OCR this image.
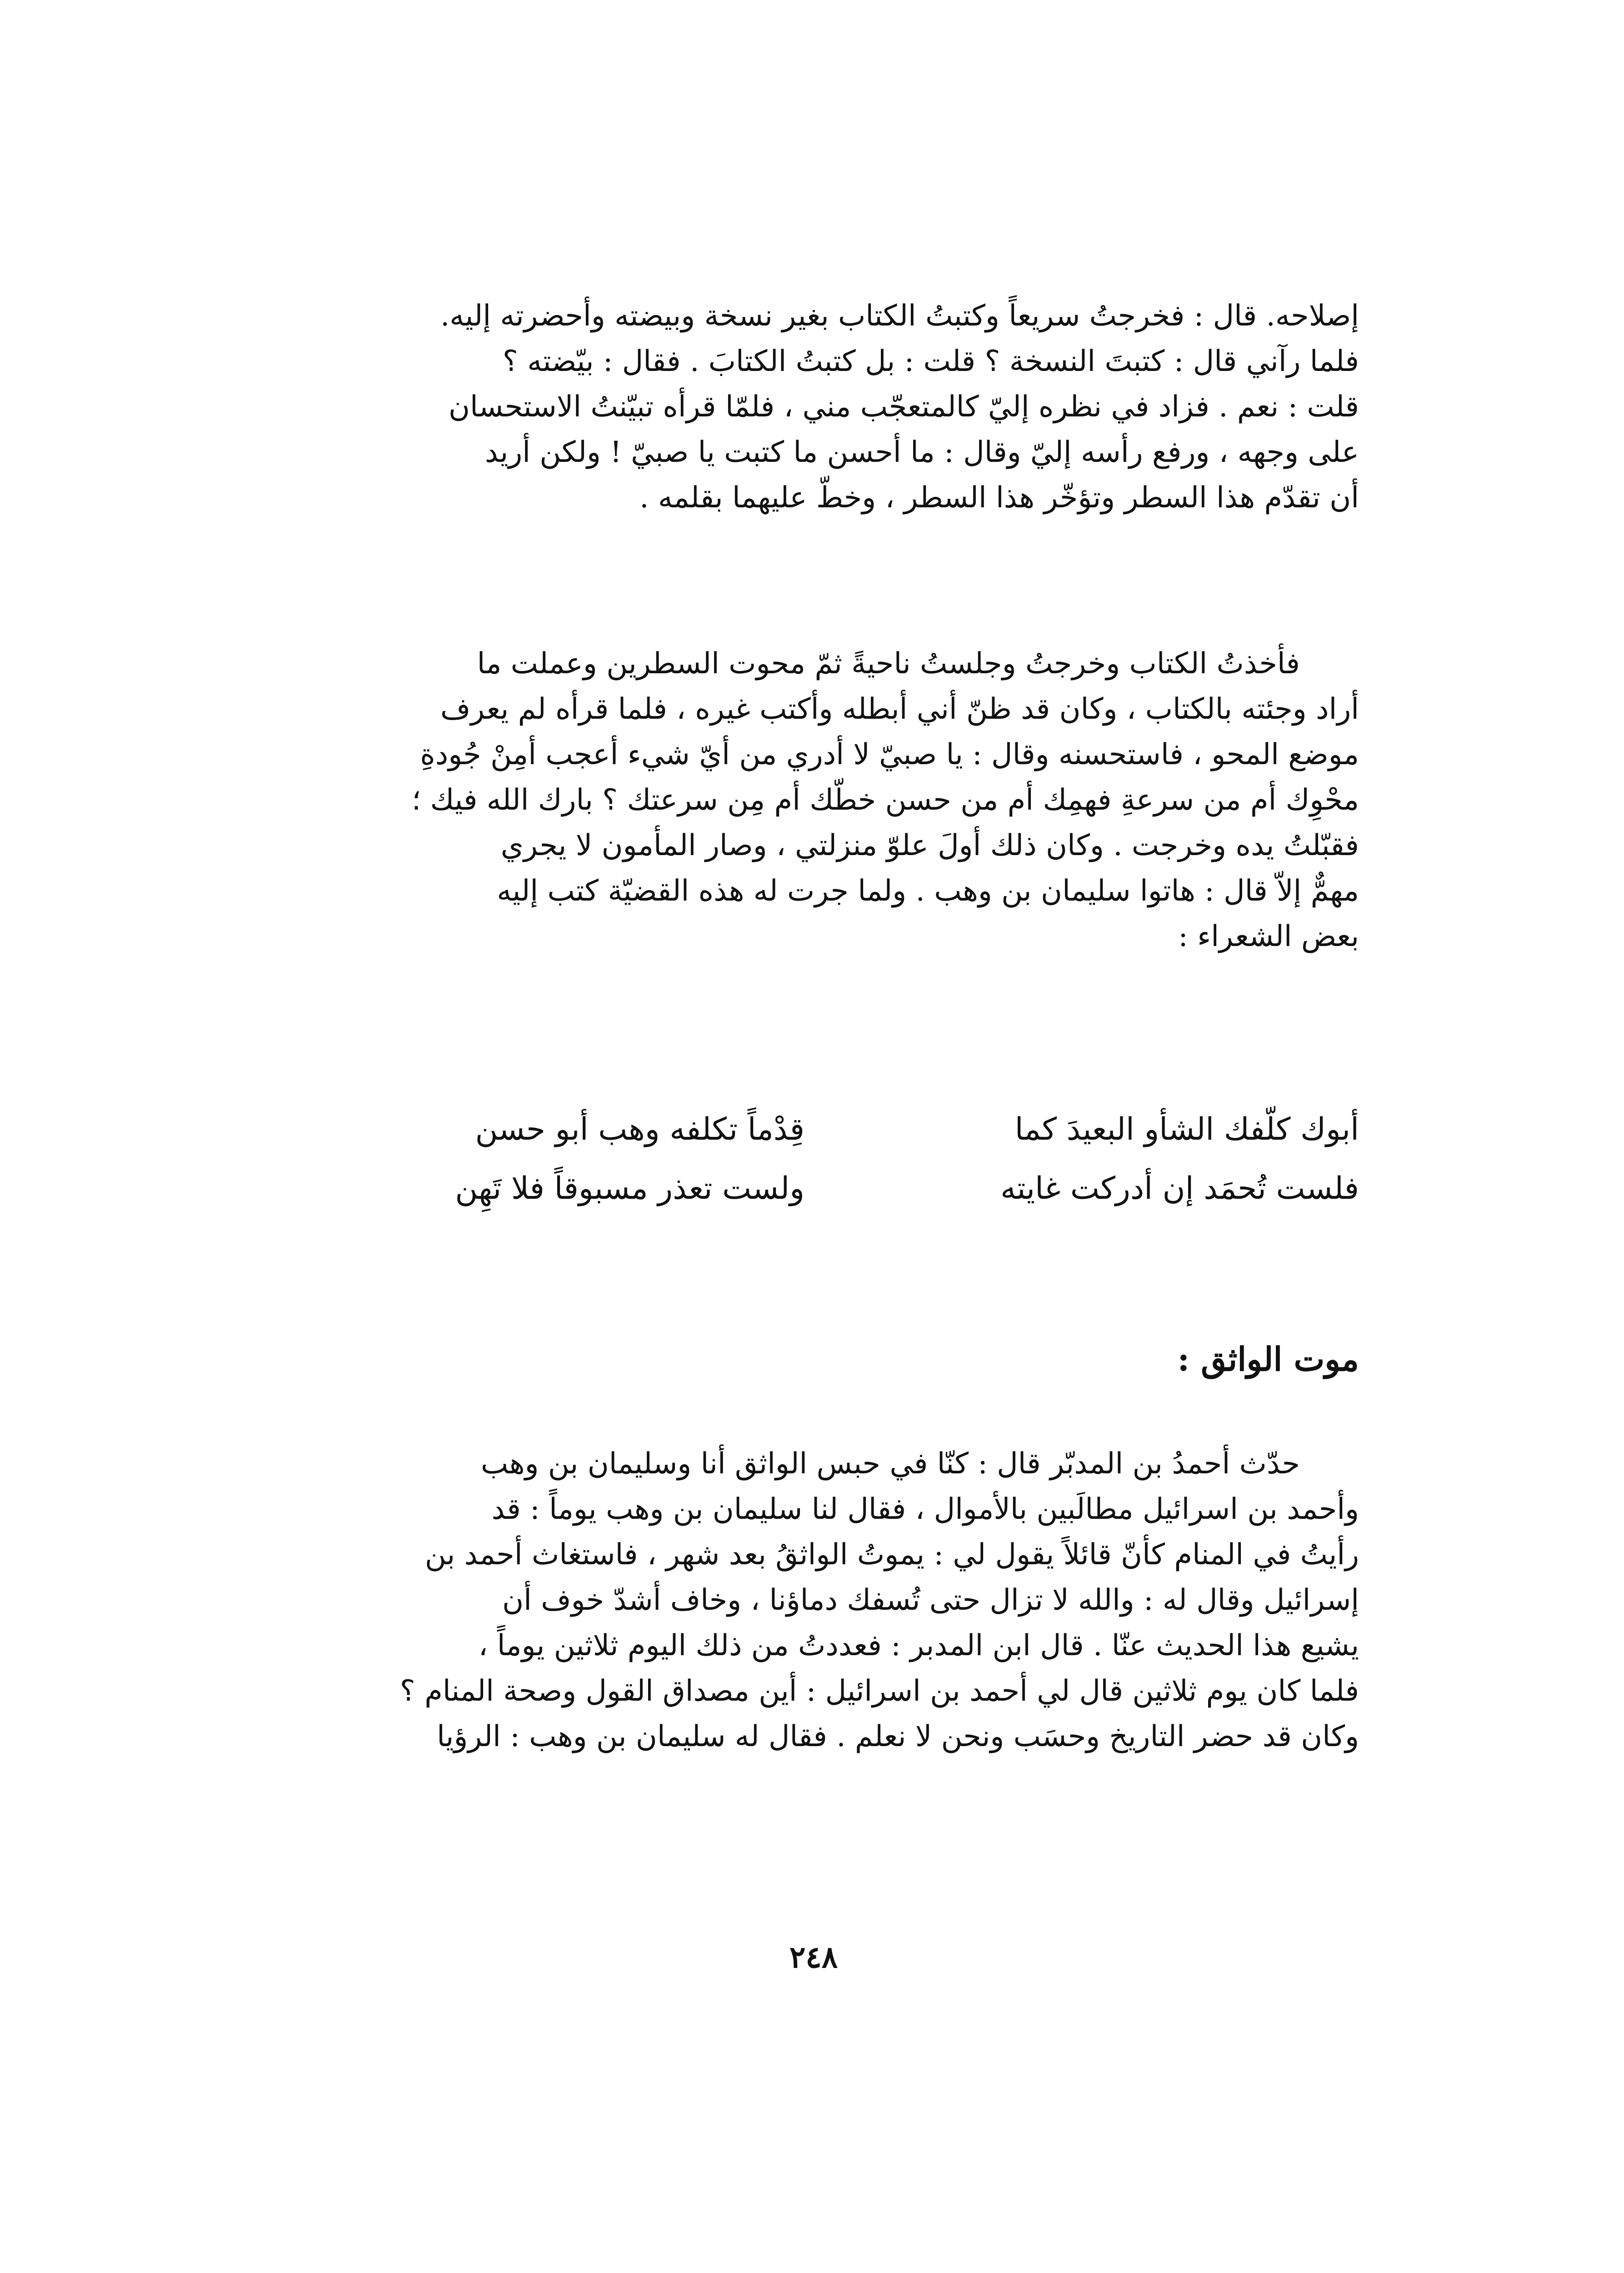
إصلاحه. قال : فخرجتُ سريعاً وكتبتُ الكتاب بغير نسخة وبيضته وأحضرته إليه.
فلما رآني قال : كتبتَ النسخة ؟ قلت : بل كتبتُ الكتابَ . فقال : بيّضته ؟
قلت : نعم . فزاد في نظره إليّ كالمتعجّب مني ، فلمّا قرأه تبيّنتُ الاستحسان
على وجهه ، ورفع رأسه إليّ وقال : ما أحسن ما كتبت يا صبيّ ! ولكن أريد
أن تقدّم هذا السطر وتؤخّر هذا السطر ، وخطّ عليهما بقلمه .
فأخذتُ الكتاب وخرجتُ وجلستُ ناحيةً ثمّ محوت السطرين وعملت ما
أراد وجئته بالكتاب ، وكان قد ظنّ أني أبطله وأكتب غيره ، فلما قرأه لم يعرف
موضع المحو ، فاستحسنه وقال : يا صبيّ لا أدري من أيّ شيء أعجب أمِنْ جُودةِ
محْوِك أم من سرعةِ فهمِك أم من حسن خطّك أم مِن سرعتك ؟ بارك الله فيك ؛
فقبّلتُ يده وخرجت . وكان ذلك أولَ علوّ منزلتي ، وصار المأمون لا يجري
مهمٌّ إلاّ قال : هاتوا سليمان بن وهب . ولما جرت له هذه القضيّة كتب إليه
بعض الشعراء :
أبوك كلّفك الشأو البعيدَ كما
قِدْماً تكلفه وهب أبو حسن
فلست تُحمَد إن أدركت غايته
ولست تعذر مسبوقاً فلا تَهِن
موت الواثق :
حدّث أحمدُ بن المدبّر قال : كنّا في حبس الواثق أنا وسليمان بن وهب
وأحمد بن اسرائيل مطالَبين بالأموال ، فقال لنا سليمان بن وهب يوماً : قد
رأيتُ في المنام كأنّ قائلاً يقول لي : يموتُ الواثقُ بعد شهر ، فاستغاث أحمد بن
إسرائيل وقال له : والله لا تزال حتى تُسفك دماؤنا ، وخاف أشدّ خوف أن
يشيع هذا الحديث عنّا . قال ابن المدبر : فعددتُ من ذلك اليوم ثلاثين يوماً ،
فلما كان يوم ثلاثين قال لي أحمد بن اسرائيل : أين مصداق القول وصحة المنام ؟
وكان قد حضر التاريخ وحسَب ونحن لا نعلم . فقال له سليمان بن وهب : الرؤيا
٢٤٨
